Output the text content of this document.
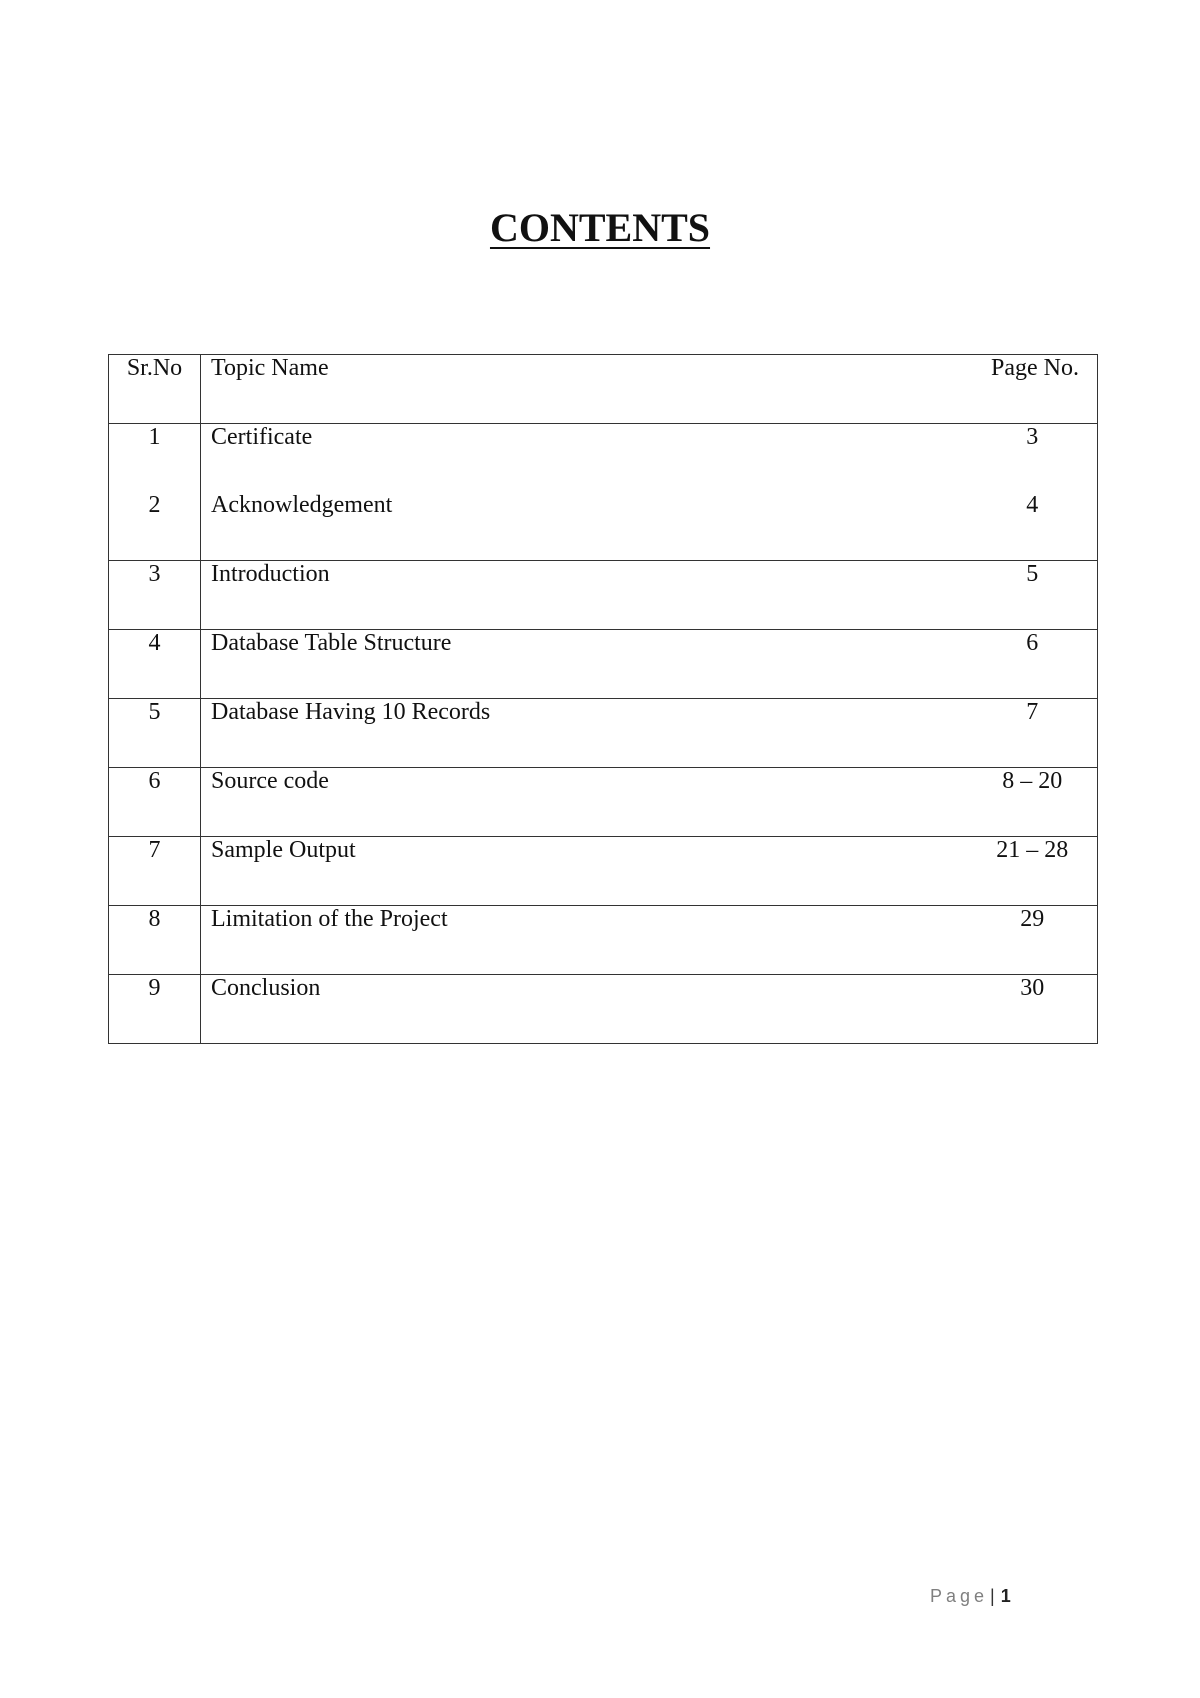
CONTENTS
Sr.No	Topic Name	Page No.
1	Certificate	3
2	Acknowledgement	4
3	Introduction	5
4	Database Table Structure	6
5	Database Having 10 Records	7
6	Source code	8 – 20
7	Sample Output	21 – 28
8	Limitation of the Project	29
9	Conclusion	30
Page | 1
